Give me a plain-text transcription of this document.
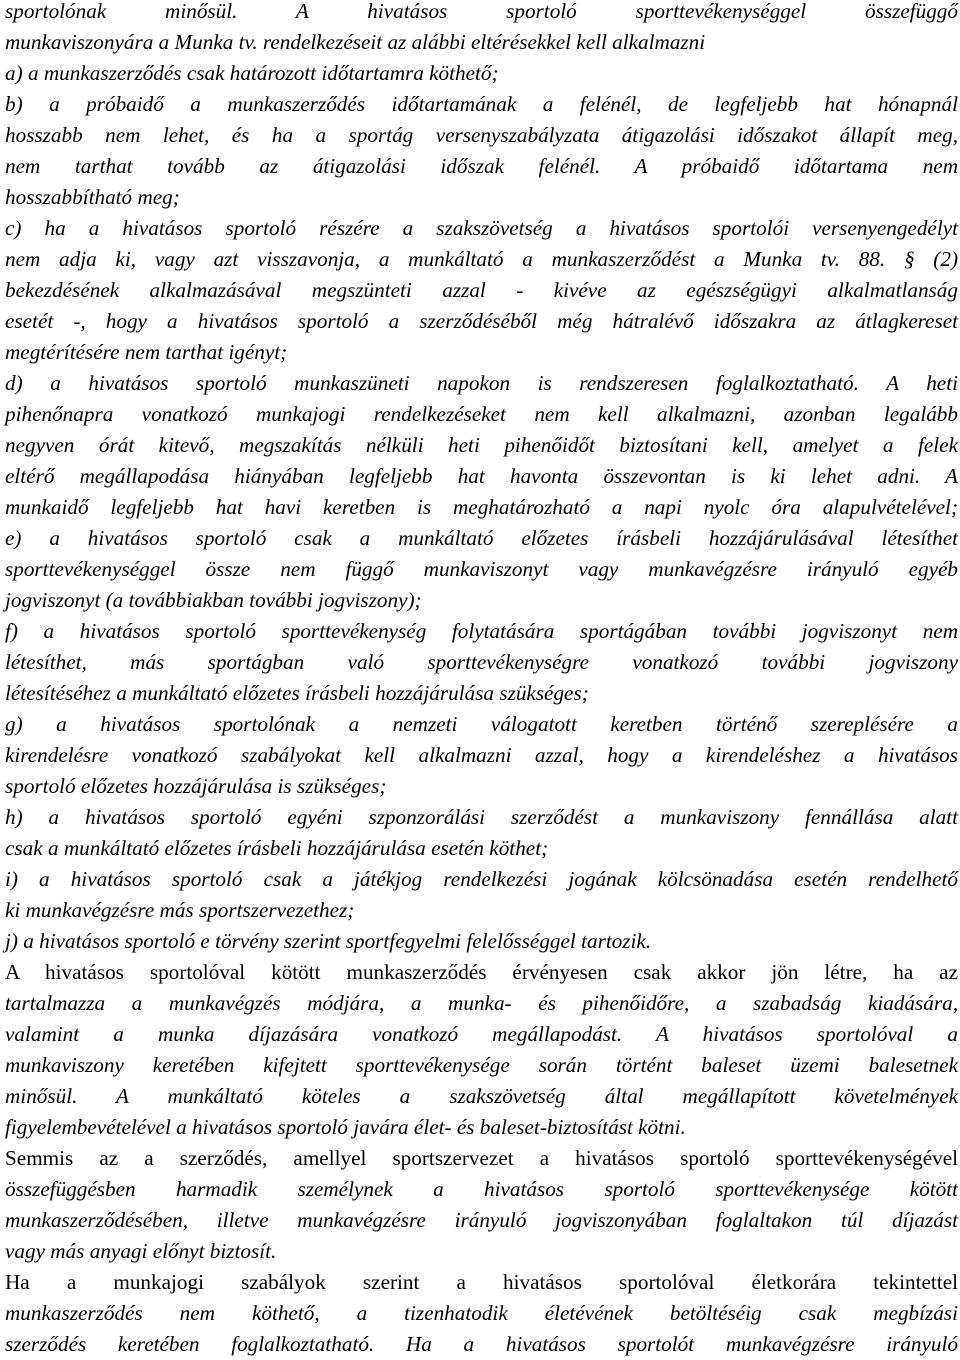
sportolónak minősül. A hivatásos sportoló sporttevékenységgel összefüggő
munkaviszonyára a Munka tv. rendelkezéseit az alábbi eltérésekkel kell alkalmazni
a) a munkaszerződés csak határozott időtartamra köthető;
b) a próbaidő a munkaszerződés időtartamának a felénél, de legfeljebb hat hónapnál
hosszabb nem lehet, és ha a sportág versenyszabályzata átigazolási időszakot állapít meg,
nem tarthat tovább az átigazolási időszak felénél. A próbaidő időtartama nem
hosszabbítható meg;
c) ha a hivatásos sportoló részére a szakszövetség a hivatásos sportolói versenyengedélyt
nem adja ki, vagy azt visszavonja, a munkáltató a munkaszerződést a Munka tv. 88. § (2)
bekezdésének alkalmazásával megszünteti azzal - kivéve az egészségügyi alkalmatlanság
esetét -, hogy a hivatásos sportoló a szerződéséből még hátralévő időszakra az átlagkereset
megtérítésére nem tarthat igényt;
d) a hivatásos sportoló munkaszüneti napokon is rendszeresen foglalkoztatható. A heti
pihenőnapra vonatkozó munkajogi rendelkezéseket nem kell alkalmazni, azonban legalább
negyven órát kitevő, megszakítás nélküli heti pihenőidőt biztosítani kell, amelyet a felek
eltérő megállapodása hiányában legfeljebb hat havonta összevontan is ki lehet adni. A
munkaidő legfeljebb hat havi keretben is meghatározható a napi nyolc óra alapulvételével;
e) a hivatásos sportoló csak a munkáltató előzetes írásbeli hozzájárulásával létesíthet
sporttevékenységgel össze nem függő munkaviszonyt vagy munkavégzésre irányuló egyéb
jogviszonyt (a továbbiakban további jogviszony);
f) a hivatásos sportoló sporttevékenység folytatására sportágában további jogviszonyt nem
létesíthet, más sportágban való sporttevékenységre vonatkozó további jogviszony
létesítéséhez a munkáltató előzetes írásbeli hozzájárulása szükséges;
g) a hivatásos sportolónak a nemzeti válogatott keretben történő szereplésére a
kirendelésre vonatkozó szabályokat kell alkalmazni azzal, hogy a kirendeléshez a hivatásos
sportoló előzetes hozzájárulása is szükséges;
h) a hivatásos sportoló egyéni szponzorálási szerződést a munkaviszony fennállása alatt
csak a munkáltató előzetes írásbeli hozzájárulása esetén köthet;
i) a hivatásos sportoló csak a játékjog rendelkezési jogának kölcsönadása esetén rendelhető
ki munkavégzésre más sportszervezethez;
j) a hivatásos sportoló e törvény szerint sportfegyelmi felelősséggel tartozik.
A hivatásos sportolóval kötött munkaszerződés érvényesen csak akkor jön létre, ha az
tartalmazza a munkavégzés módjára, a munka- és pihenőidőre, a szabadság kiadására,
valamint a munka díjazására vonatkozó megállapodást. A hivatásos sportolóval a
munkaviszony keretében kifejtett sporttevékenysége során történt baleset üzemi balesetnek
minősül. A munkáltató köteles a szakszövetség által megállapított követelmények
figyelembevételével a hivatásos sportoló javára élet- és baleset-biztosítást kötni.
Semmis az a szerződés, amellyel sportszervezet a hivatásos sportoló sporttevékenységével
összefüggésben harmadik személynek a hivatásos sportoló sporttevékenysége kötött
munkaszerződésében, illetve munkavégzésre irányuló jogviszonyában foglaltakon túl díjazást
vagy más anyagi előnyt biztosít.
Ha a munkajogi szabályok szerint a hivatásos sportolóval életkorára tekintettel
munkaszerződés nem köthető, a tizenhatodik életévének betöltéséig csak megbízási
szerződés keretében foglalkoztatható. Ha a hivatásos sportolót munkavégzésre irányuló
